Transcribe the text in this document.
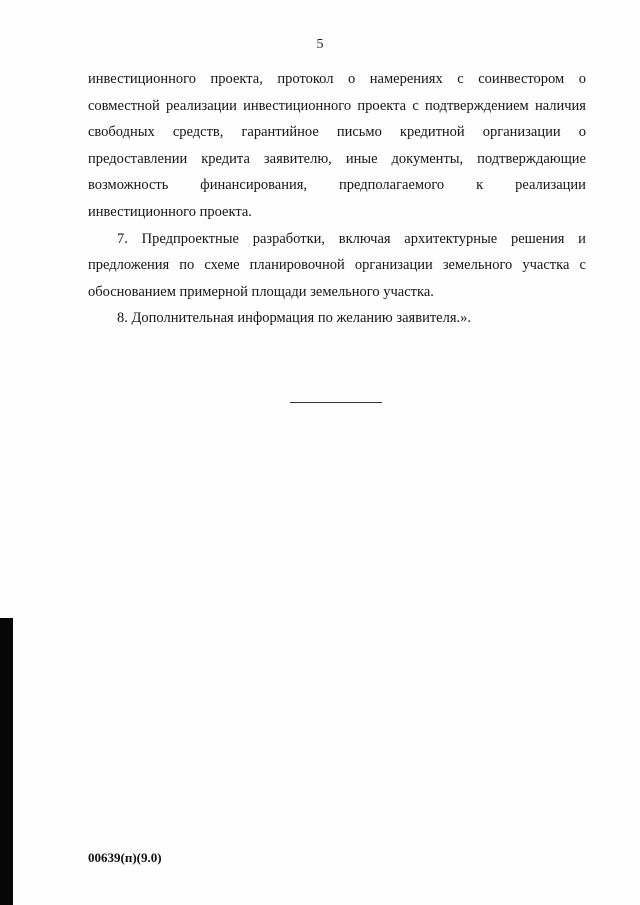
5
инвестиционного проекта, протокол о намерениях с соинвестором о
совместной реализации инвестиционного проекта с подтверждением наличия
свободных средств, гарантийное письмо кредитной организации о
предоставлении кредита заявителю, иные документы, подтверждающие
возможность финансирования, предполагаемого к реализации
инвестиционного проекта.
7. Предпроектные разработки, включая архитектурные решения и
предложения по схеме планировочной организации земельного участка с
обоснованием примерной площади земельного участка.
8. Дополнительная информация по желанию заявителя.».
00639(п)(9.0)
